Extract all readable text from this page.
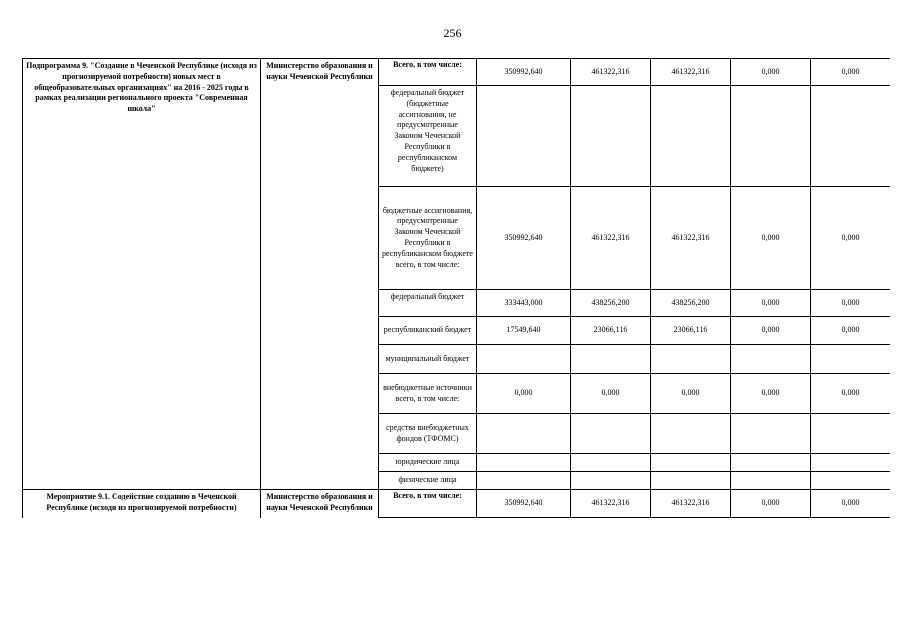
256
Подпрограмма 9. "Создание в Чеченской Республике (исходя из прогнозируемой потребности) новых мест в общеобразовательных организациях" на 2016 - 2025 годы в рамках реализации регионального проекта "Современная школа"	Министерство образования и науки Чеченской Республики	Всего, в том числе:	350992,640	461322,316	461322,316	0,000	0,000
		федеральный бюджет (бюджетные ассигнования, не предусмотренные Законом Чеченской Республики в республиканском бюджете)					
		бюджетные ассигнования, предусмотренные Законом Чеченской Республики в республиканском бюджете всего, в том числе:	350992,640	461322,316	461322,316	0,000	0,000
		федеральный бюджет	333443,000	438256,200	438256,200	0,000	0,000
		республиканский бюджет	17549,640	23066,116	23066,116	0,000	0,000
		муниципальный бюджет					
		внебюджетные источники всего, в том числе:	0,000	0,000	0,000	0,000	0,000
		средства внебюджетных фондов (ТФОМС)					
		юридические лица					
		физические лица					
Мероприятие 9.1. Содействие созданию в Чеченской Республике (исходя из прогнозируемой потребности)	Министерство образования и науки Чеченской Республики	Всего, в том числе:	350992,640	461322,316	461322,316	0,000	0,000
